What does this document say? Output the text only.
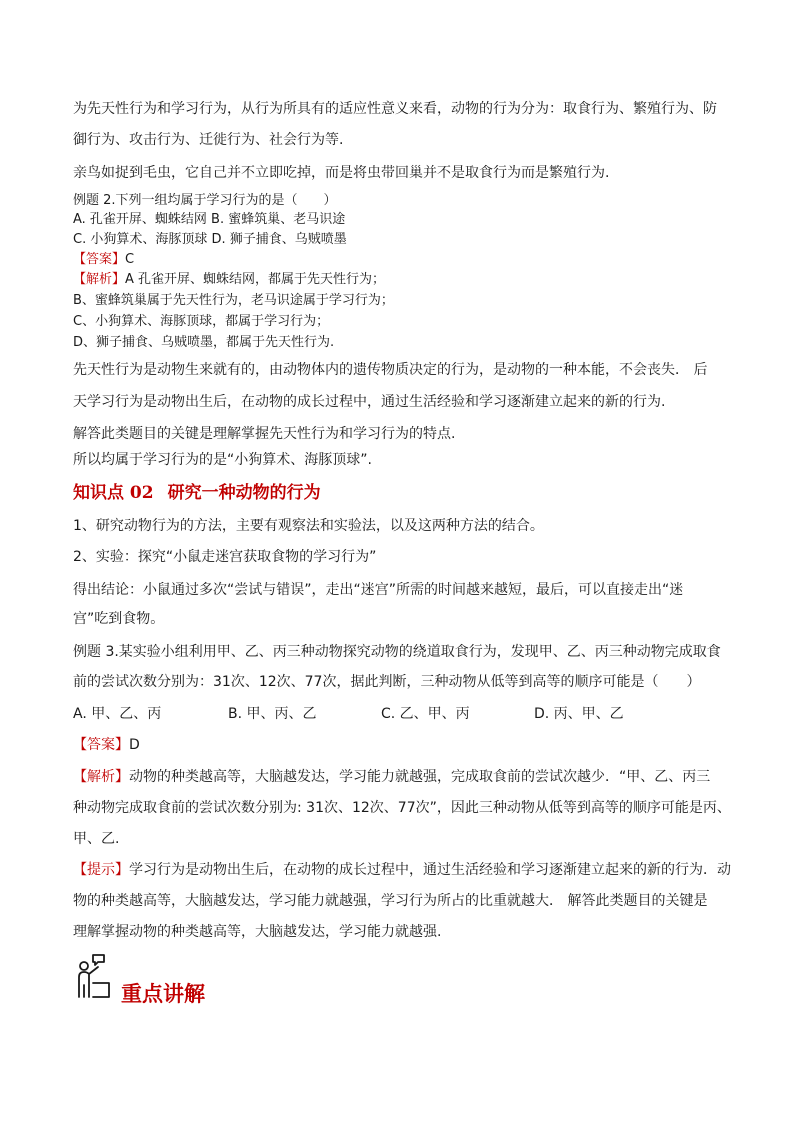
为先天性行为和学习行为，从行为所具有的适应性意义来看，动物的行为分为：取食行为、繁殖行为、防
御行为、攻击行为、迁徙行为、社会行为等.
亲鸟如捉到毛虫，它自己并不立即吃掉，而是将虫带回巢并不是取食行为而是繁殖行为.
例题 2.下列一组均属于学习行为的是（　　）
A. 孔雀开屏、蜘蛛结网 B. 蜜蜂筑巢、老马识途
C. 小狗算术、海豚顶球 D. 狮子捕食、乌贼喷墨
【答案】C
【解析】A 孔雀开屏、蜘蛛结网，都属于先天性行为；
B、蜜蜂筑巢属于先天性行为，老马识途属于学习行为；
C、小狗算术、海豚顶球，都属于学习行为；
D、狮子捕食、乌贼喷墨，都属于先天性行为.
先天性行为是动物生来就有的，由动物体内的遗传物质决定的行为，是动物的一种本能，不会丧失． 后
天学习行为是动物出生后，在动物的成长过程中，通过生活经验和学习逐渐建立起来的新的行为.
解答此类题目的关键是理解掌握先天性行为和学习行为的特点.
所以均属于学习行为的是“小狗算术、海豚顶球”.
知识点 02 研究一种动物的行为
1、研究动物行为的方法，主要有观察法和实验法，以及这两种方法的结合。
2、实验：探究“小鼠走迷宫获取食物的学习行为”
得出结论：小鼠通过多次“尝试与错误”，走出“迷宫”所需的时间越来越短，最后，可以直接走出“迷
宫”吃到食物。
例题 3.某实验小组利用甲、乙、丙三种动物探究动物的绕道取食行为，发现甲、乙、丙三种动物完成取食
前的尝试次数分别为：31次、12次、77次，据此判断，三种动物从低等到高等的顺序可能是（　　）
A. 甲、乙、丙	B. 甲、丙、乙	C. 乙、甲、丙	D. 丙、甲、乙
【答案】D
【解析】动物的种类越高等，大脑越发达，学习能力就越强，完成取食前的尝试次越少．“甲、乙、丙三
种动物完成取食前的尝试次数分别为: 31次、12次、77次”，因此三种动物从低等到高等的顺序可能是丙、
甲、乙.
【提示】学习行为是动物出生后，在动物的成长过程中，通过生活经验和学习逐渐建立起来的新的行为．动
物的种类越高等，大脑越发达，学习能力就越强，学习行为所占的比重就越大． 解答此类题目的关键是
理解掌握动物的种类越高等，大脑越发达，学习能力就越强.
重点讲解
